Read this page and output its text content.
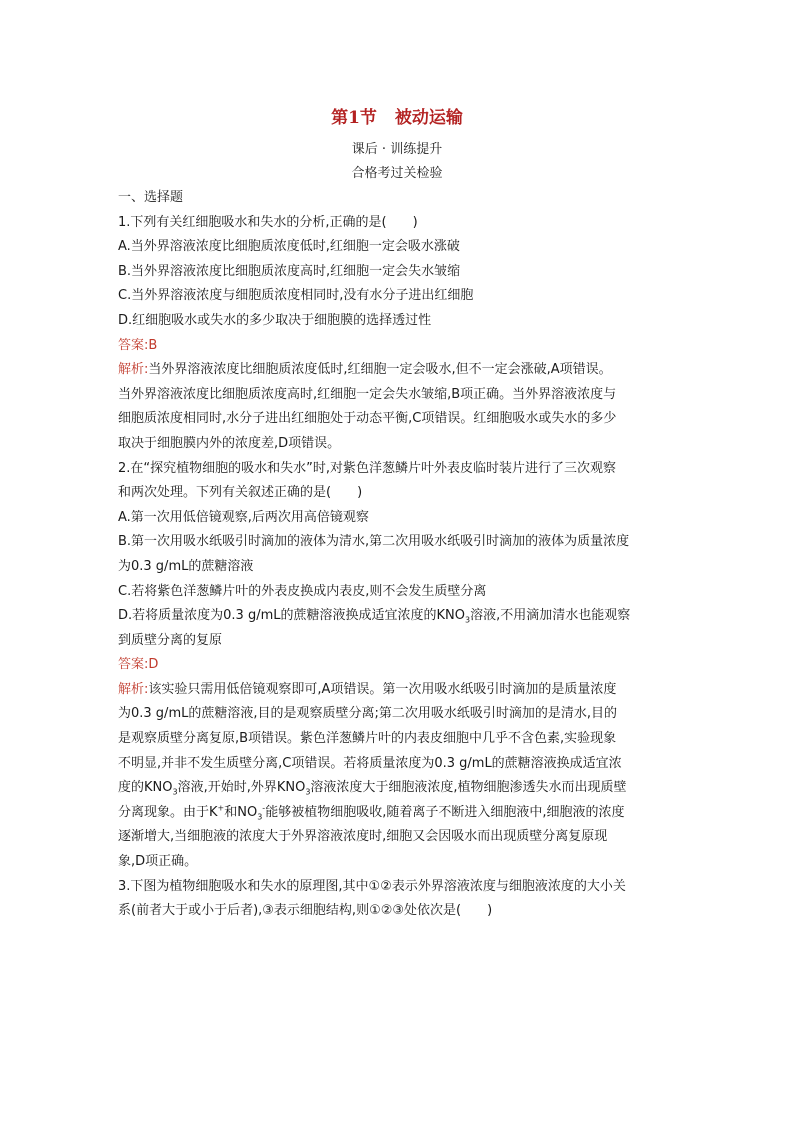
第1节 被动运输
课后 · 训练提升
合格考过关检验
一、选择题
1.下列有关红细胞吸水和失水的分析,正确的是(　　)
A.当外界溶液浓度比细胞质浓度低时,红细胞一定会吸水涨破
B.当外界溶液浓度比细胞质浓度高时,红细胞一定会失水皱缩
C.当外界溶液浓度与细胞质浓度相同时,没有水分子进出红细胞
D.红细胞吸水或失水的多少取决于细胞膜的选择透过性
答案:B
解析:当外界溶液浓度比细胞质浓度低时,红细胞一定会吸水,但不一定会涨破,A项错误。
当外界溶液浓度比细胞质浓度高时,红细胞一定会失水皱缩,B项正确。当外界溶液浓度与
细胞质浓度相同时,水分子进出红细胞处于动态平衡,C项错误。红细胞吸水或失水的多少
取决于细胞膜内外的浓度差,D项错误。
2.在“探究植物细胞的吸水和失水”时,对紫色洋葱鳞片叶外表皮临时装片进行了三次观察
和两次处理。下列有关叙述正确的是(　　)
A.第一次用低倍镜观察,后两次用高倍镜观察
B.第一次用吸水纸吸引时滴加的液体为清水,第二次用吸水纸吸引时滴加的液体为质量浓度
为0.3 g/mL的蔗糖溶液
C.若将紫色洋葱鳞片叶的外表皮换成内表皮,则不会发生质壁分离
D.若将质量浓度为0.3 g/mL的蔗糖溶液换成适宜浓度的$KNO_3$溶液,不用滴加清水也能观察
到质壁分离的复原
答案:D
解析:该实验只需用低倍镜观察即可,A项错误。第一次用吸水纸吸引时滴加的是质量浓度
为0.3 g/mL的蔗糖溶液,目的是观察质壁分离;第二次用吸水纸吸引时滴加的是清水,目的
是观察质壁分离复原,B项错误。紫色洋葱鳞片叶的内表皮细胞中几乎不含色素,实验现象
不明显,并非不发生质壁分离,C项错误。若将质量浓度为0.3 g/mL的蔗糖溶液换成适宜浓
度的$KNO_3$溶液,开始时,外界$KNO_3$溶液浓度大于细胞液浓度,植物细胞渗透失水而出现质壁
分离现象。由于K+和$NO_3^-$能够被植物细胞吸收,随着离子不断进入细胞液中,细胞液的浓度
逐渐增大,当细胞液的浓度大于外界溶液浓度时,细胞又会因吸水而出现质壁分离复原现
象,D项正确。
3.下图为植物细胞吸水和失水的原理图,其中①②表示外界溶液浓度与细胞液浓度的大小关
系(前者大于或小于后者),③表示细胞结构,则①②③处依次是(　　)
